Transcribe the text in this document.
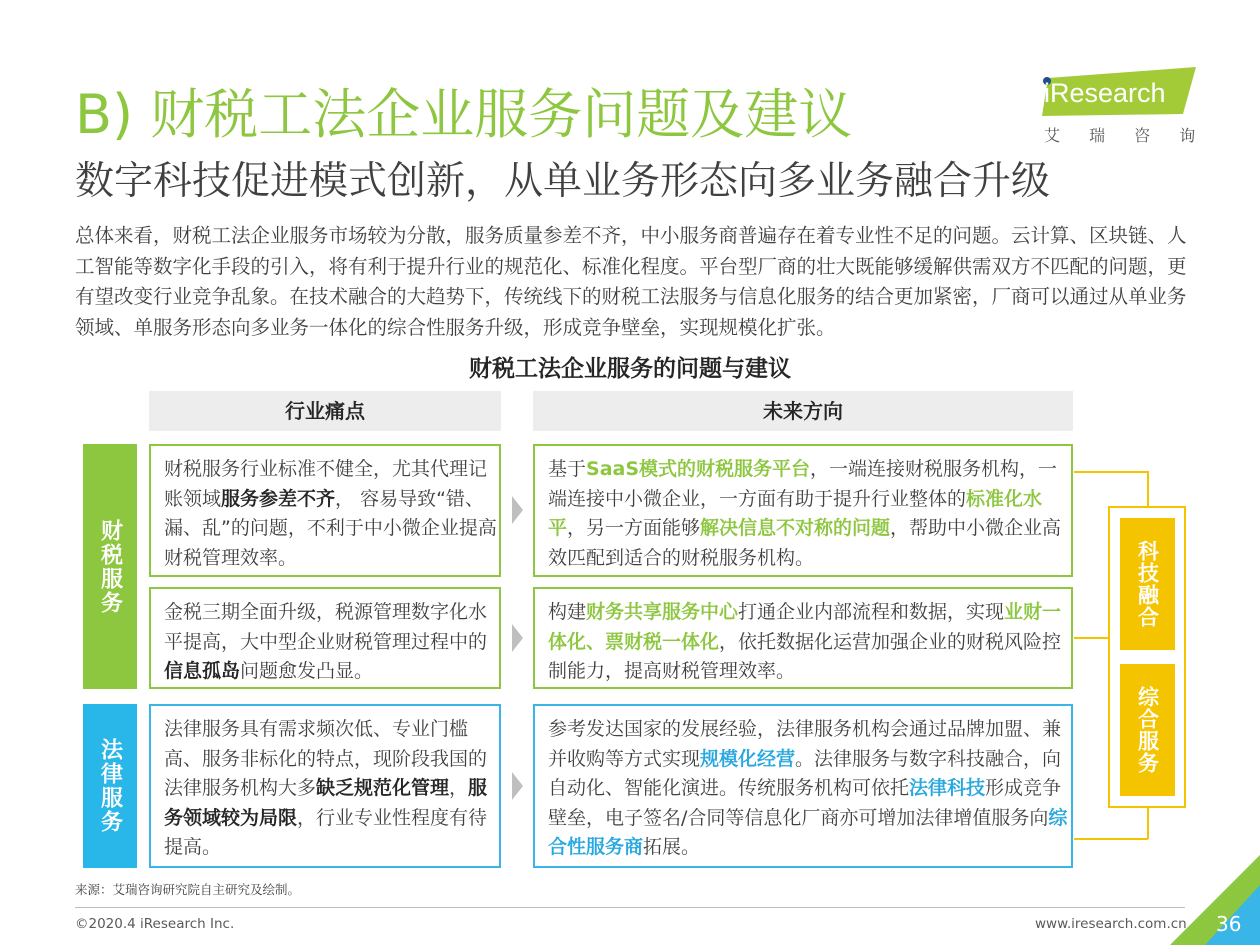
B) 财税工法企业服务问题及建议
数字科技促进模式创新，从单业务形态向多业务融合升级
iResearch
艾 瑞 咨 询
总体来看，财税工法企业服务市场较为分散，服务质量参差不齐，中小服务商普遍存在着专业性不足的问题。云计算、区块链、人工智能等数字化手段的引入，将有利于提升行业的规范化、标准化程度。平台型厂商的壮大既能够缓解供需双方不匹配的问题，更有望改变行业竞争乱象。在技术融合的大趋势下，传统线下的财税工法服务与信息化服务的结合更加紧密，厂商可以通过从单业务领域、单服务形态向多业务一体化的综合性服务升级，形成竞争壁垒，实现规模化扩张。
财税工法企业服务的问题与建议
行业痛点	未来方向
财税服务
法律服务
财税服务行业标准不健全，尤其代理记账领域服务参差不齐， 容易导致“错、漏、乱”的问题，不利于中小微企业提高财税管理效率。
金税三期全面升级，税源管理数字化水平提高，大中型企业财税管理过程中的信息孤岛问题愈发凸显。
法律服务具有需求频次低、专业门槛高、服务非标化的特点，现阶段我国的法律服务机构大多缺乏规范化管理，服务领域较为局限，行业专业性程度有待提高。
基于SaaS模式的财税服务平台，一端连接财税服务机构，一端连接中小微企业，一方面有助于提升行业整体的标准化水平，另一方面能够解决信息不对称的问题，帮助中小微企业高效匹配到适合的财税服务机构。
构建财务共享服务中心打通企业内部流程和数据，实现业财一体化、票财税一体化，依托数据化运营加强企业的财税风险控制能力，提高财税管理效率。
参考发达国家的发展经验，法律服务机构会通过品牌加盟、兼并收购等方式实现规模化经营。法律服务与数字科技融合，向自动化、智能化演进。传统服务机构可依托法律科技形成竞争壁垒，电子签名/合同等信息化厂商亦可增加法律增值服务向综合性服务商拓展。
科技融合
综合服务
来源：艾瑞咨询研究院自主研究及绘制。
©2020.4 iResearch Inc.	www.iresearch.com.cn 36
